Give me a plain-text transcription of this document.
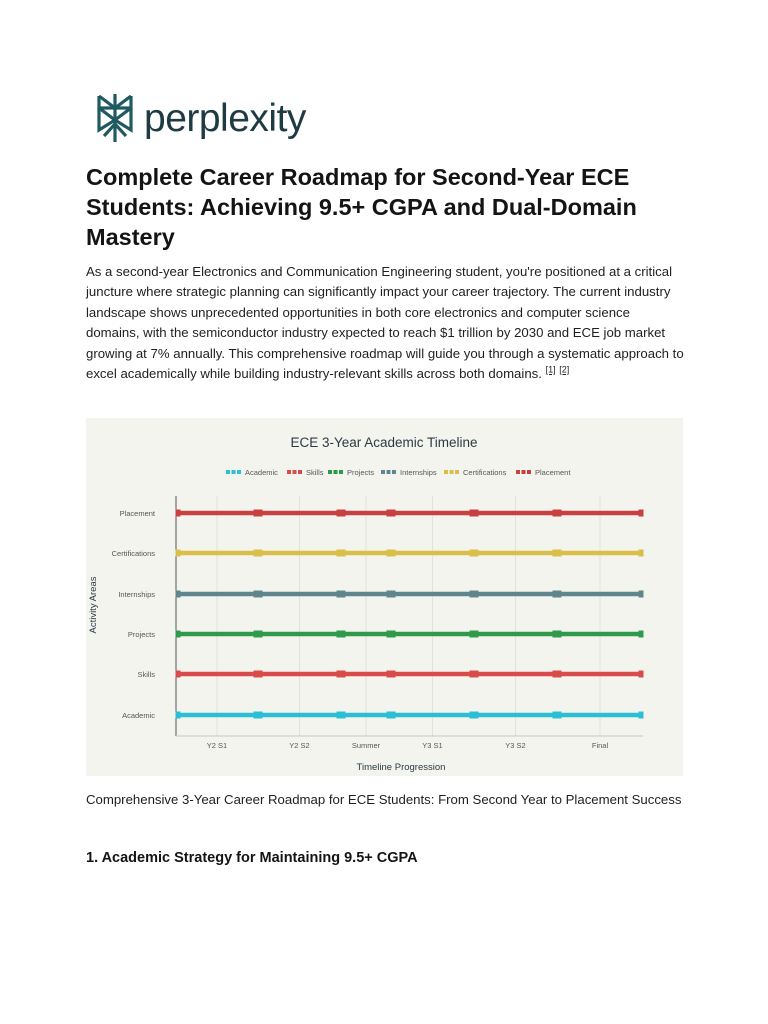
perplexity
Complete Career Roadmap for Second-Year ECE Students: Achieving 9.5+ CGPA and Dual-Domain Mastery

As a second-year Electronics and Communication Engineering student, you're positioned at a critical juncture where strategic planning can significantly impact your career trajectory. The current industry landscape shows unprecedented opportunities in both core electronics and computer science domains, with the semiconductor industry expected to reach $1 trillion by 2030 and ECE job market growing at 7% annually. This comprehensive roadmap will guide you through a systematic approach to excel academically while building industry-relevant skills across both domains. [1] [2]

ECE 3-Year Academic Timeline
Academic	Skills	Projects	Internships	Certifications	Placement
Academic
Skills
Projects
Internships
Certifications
Placement
Y2 S1	Y2 S2	Summer	Y3 S1	Y3 S2	Final
Timeline Progression
Activity Areas

Comprehensive 3-Year Career Roadmap for ECE Students: From Second Year to Placement Success

1. Academic Strategy for Maintaining 9.5+ CGPA
